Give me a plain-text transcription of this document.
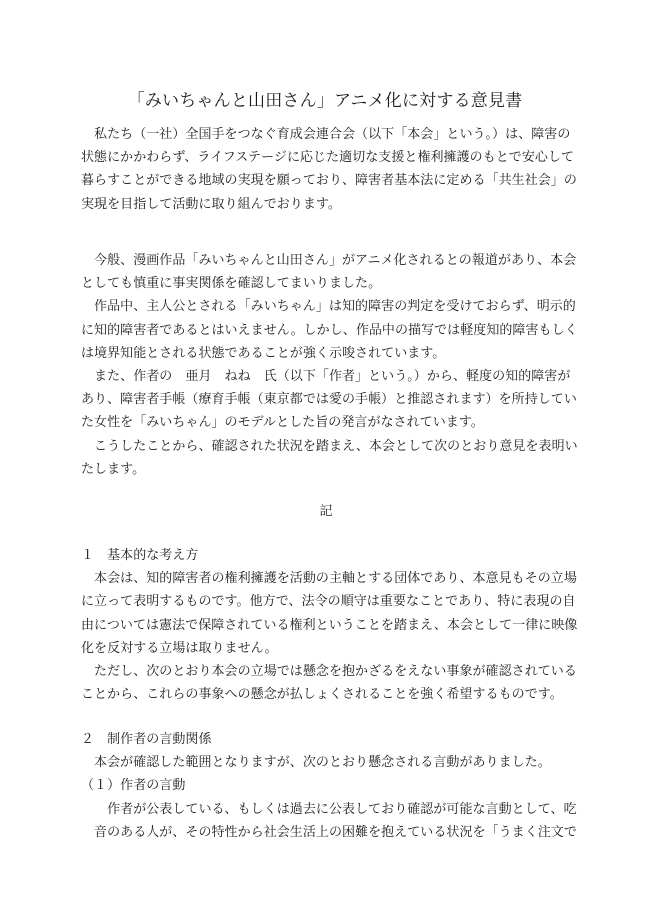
「みいちゃんと山田さん」アニメ化に対する意見書
　私たち（一社）全国手をつなぐ育成会連合会（以下「本会」という。）は、障害の
状態にかかわらず、ライフステージに応じた適切な支援と権利擁護のもとで安心して
暮らすことができる地域の実現を願っており、障害者基本法に定める「共生社会」の
実現を目指して活動に取り組んでおります。
　今般、漫画作品「みいちゃんと山田さん」がアニメ化されるとの報道があり、本会
としても慎重に事実関係を確認してまいりました。
　作品中、主人公とされる「みいちゃん」は知的障害の判定を受けておらず、明示的
に知的障害者であるとはいえません。しかし、作品中の描写では軽度知的障害もしく
は境界知能とされる状態であることが強く示唆されています。
　また、作者の　亜月　ねね　氏（以下「作者」という。）から、軽度の知的障害が
あり、障害者手帳（療育手帳（東京都では愛の手帳）と推認されます）を所持してい
た女性を「みいちゃん」のモデルとした旨の発言がなされています。
　こうしたことから、確認された状況を踏まえ、本会として次のとおり意見を表明い
たします。
記
１　基本的な考え方
　本会は、知的障害者の権利擁護を活動の主軸とする団体であり、本意見もその立場
に立って表明するものです。他方で、法令の順守は重要なことであり、特に表現の自
由については憲法で保障されている権利ということを踏まえ、本会として一律に映像
化を反対する立場は取りません。
　ただし、次のとおり本会の立場では懸念を抱かざるをえない事象が確認されている
ことから、これらの事象への懸念が払しょくされることを強く希望するものです。
２　制作者の言動関係
　本会が確認した範囲となりますが、次のとおり懸念される言動がありました。
（１）作者の言動
　　作者が公表している、もしくは過去に公表しており確認が可能な言動として、吃
　音のある人が、その特性から社会生活上の困難を抱えている状況を「うまく注文で
